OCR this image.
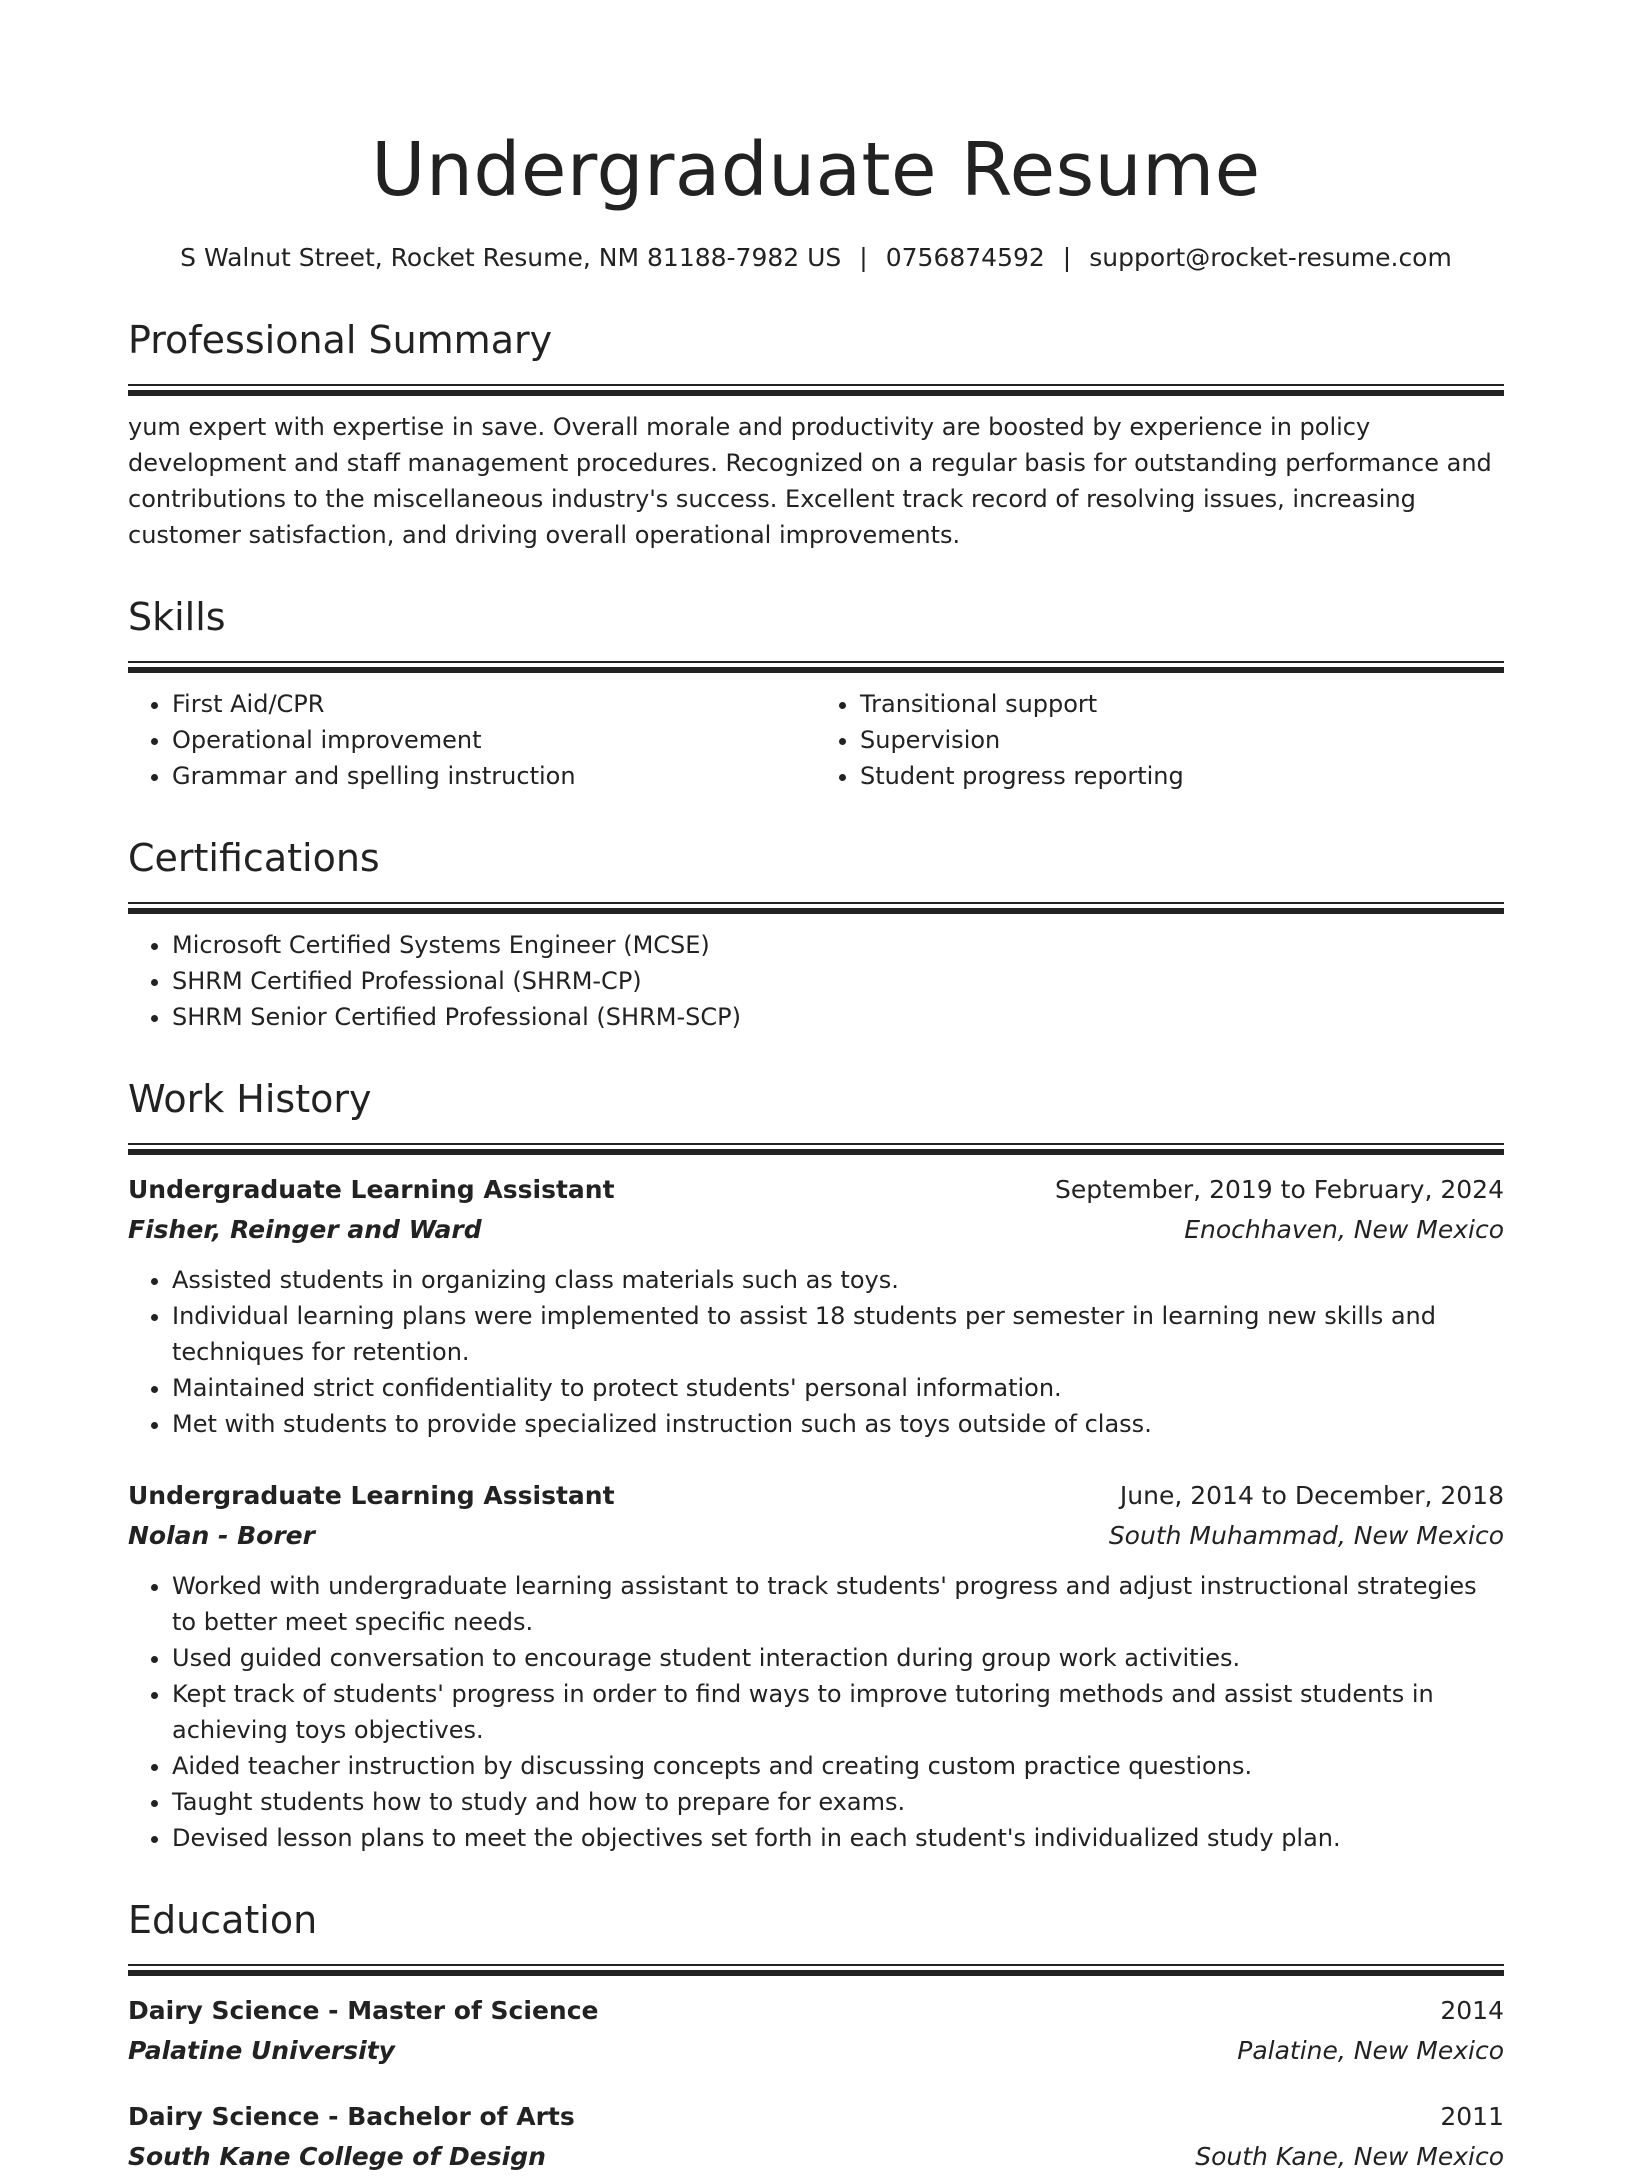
Undergraduate Resume
S Walnut Street, Rocket Resume, NM 81188-7982 US | 0756874592 | support@rocket-resume.com
Professional Summary
yum expert with expertise in save. Overall morale and productivity are boosted by experience in policy development and staff management procedures. Recognized on a regular basis for outstanding performance and contributions to the miscellaneous industry's success. Excellent track record of resolving issues, increasing customer satisfaction, and driving overall operational improvements.
Skills
• First Aid/CPR
• Operational improvement
• Grammar and spelling instruction
• Transitional support
• Supervision
• Student progress reporting
Certifications
• Microsoft Certified Systems Engineer (MCSE)
• SHRM Certified Professional (SHRM-CP)
• SHRM Senior Certified Professional (SHRM-SCP)
Work History
Undergraduate Learning Assistant	September, 2019 to February, 2024
Fisher, Reinger and Ward	Enochhaven, New Mexico
• Assisted students in organizing class materials such as toys.
• Individual learning plans were implemented to assist 18 students per semester in learning new skills and techniques for retention.
• Maintained strict confidentiality to protect students' personal information.
• Met with students to provide specialized instruction such as toys outside of class.
Undergraduate Learning Assistant	June, 2014 to December, 2018
Nolan - Borer	South Muhammad, New Mexico
• Worked with undergraduate learning assistant to track students' progress and adjust instructional strategies to better meet specific needs.
• Used guided conversation to encourage student interaction during group work activities.
• Kept track of students' progress in order to find ways to improve tutoring methods and assist students in achieving toys objectives.
• Aided teacher instruction by discussing concepts and creating custom practice questions.
• Taught students how to study and how to prepare for exams.
• Devised lesson plans to meet the objectives set forth in each student's individualized study plan.
Education
Dairy Science - Master of Science	2014
Palatine University	Palatine, New Mexico
Dairy Science - Bachelor of Arts	2011
South Kane College of Design	South Kane, New Mexico
